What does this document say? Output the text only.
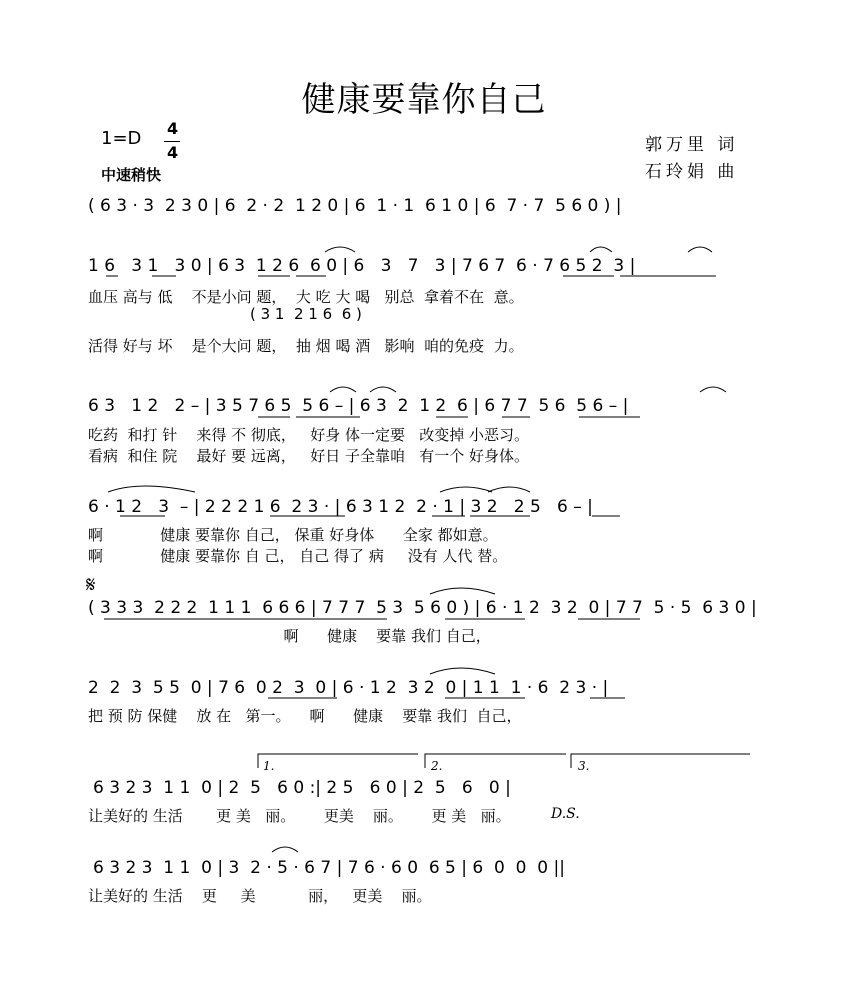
健康要靠你自己
1=D 4
4
中速稍快
郭万里 词
石玲娟 曲
( 6 3 · 3  2 3 0 | 6  2 · 2  1 2 0 | 6  1 · 1  6 1 0 | 6  7 · 7  5 6 0 ) |
1 6   3 1   3 0 | 6 3  1 2 6  6 0 | 6   3   7   3 | 7 6 7  6 · 7 6 5 2  3 |
血压 高与 低    不是小问 题，  大 吃 大 喝   别总  拿着不在  意。
( 3 1  2 1 6  6 )
活得 好与 坏    是个大问 题，  抽 烟 喝 酒   影响  咱的免疫  力。
6 3   1 2   2 – | 3 5 7 6 5  5 6 – | 6 3  2  1 2  6 | 6 7 7  5 6  5 6 – |
吃药  和打 针    来得 不 彻底，   好身 体一定要   改变掉 小恶习。
看病  和住 院    最好 要 远离，   好日 子全靠咱   有一个 好身体。
6 · 1 2   3  – | 2 2 2 1 6  2 3 · | 6 3 1 2  2 · 1 | 3 2   2 5   6 – |
啊            健康 要靠你 自己， 保重 好身体      全家 都如意。
啊            健康 要靠你 自 己， 自己 得了 病     没有 人代 替。
𝄋
( 3 3 3  2 2 2  1 1 1  6 6 6 | 7 7 7  5 3  5 6 0 ) | 6 · 1 2  3 2  0 | 7 7  5 · 5  6 3 0 |
啊      健康    要靠 我们 自己，
2  2  3  5 5  0 | 7 6  0 2  3  0 | 6 · 1 2  3 2  0 | 1 1  1 · 6  2 3 · |
把 预 防 保健    放 在   第一。    啊      健康    要靠 我们  自己，
1.	2.	3.
6 3 2 3  1 1  0 | 2  5   6 0 :| 2 5   6 0 | 2  5   6   0 |
让美好的 生活       更 美   丽。      更美    丽。      更 美   丽。	D.S.
6 3 2 3  1 1  0 | 3  2 · 5 · 6 7 | 7 6 · 6 0  6 5 | 6  0  0  0 ||
让美好的 生活    更     美           丽，   更美    丽。
